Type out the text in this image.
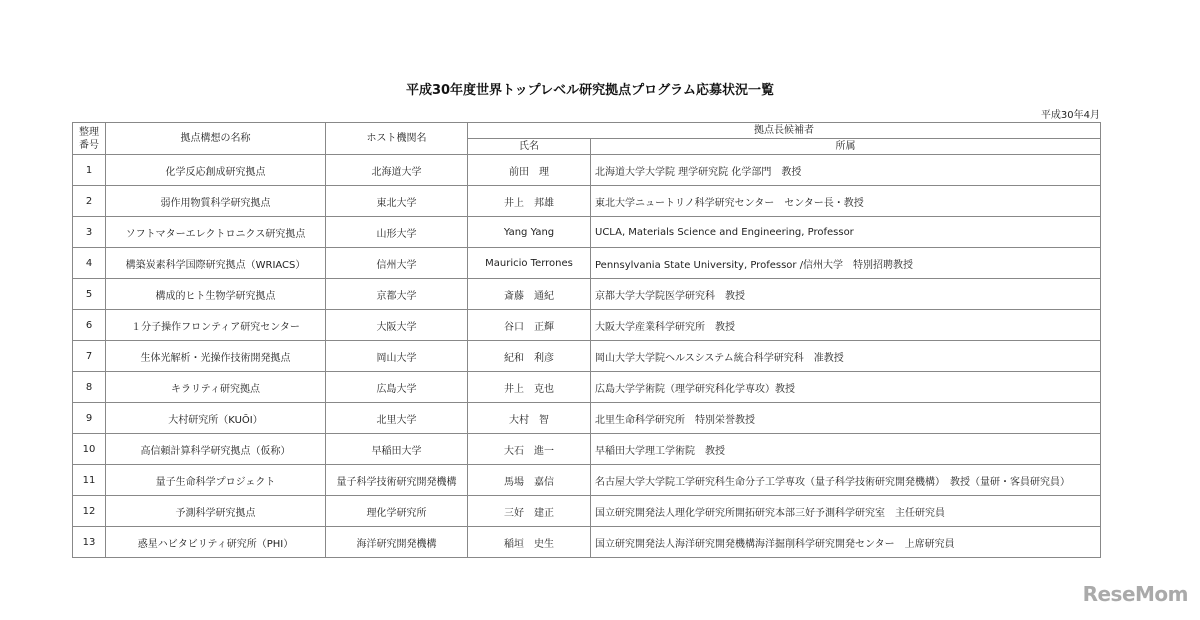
平成30年度世界トップレベル研究拠点プログラム応募状況一覧
平成30年4月
整理
番号	拠点構想の名称	ホスト機関名	拠点長候補者	
			氏名	所属
1	化学反応創成研究拠点	北海道大学	前田　理	北海道大学大学院 理学研究院 化学部門　教授
2	弱作用物質科学研究拠点	東北大学	井上　邦雄	東北大学ニュートリノ科学研究センター　センター長・教授
3	ソフトマターエレクトロニクス研究拠点	山形大学	Yang Yang	UCLA, Materials Science and Engineering, Professor
4	構築炭素科学国際研究拠点（WRIACS）	信州大学	Mauricio Terrones	Pennsylvania State University, Professor /信州大学　特別招聘教授
5	構成的ヒト生物学研究拠点	京都大学	斎藤　通紀	京都大学大学院医学研究科　教授
6	１分子操作フロンティア研究センター	大阪大学	谷口　正輝	大阪大学産業科学研究所　教授
7	生体光解析・光操作技術開発拠点	岡山大学	紀和　利彦	岡山大学大学院ヘルスシステム統合科学研究科　准教授
8	キラリティ研究拠点	広島大学	井上　克也	広島大学学術院（理学研究科化学専攻）教授
9	大村研究所（KUŌI）	北里大学	大村　智	北里生命科学研究所　特別栄誉教授
10	高信頼計算科学研究拠点（仮称）	早稲田大学	大石　進一	早稲田大学理工学術院　教授
11	量子生命科学プロジェクト	量子科学技術研究開発機構	馬場　嘉信	名古屋大学大学院工学研究科生命分子工学専攻（量子科学技術研究開発機構）　教授（量研・客員研究員）
12	予測科学研究拠点	理化学研究所	三好　建正	国立研究開発法人理化学研究所開拓研究本部三好予測科学研究室　主任研究員
13	惑星ハビタビリティ研究所（PHI）	海洋研究開発機構	稲垣　史生	国立研究開発法人海洋研究開発機構海洋掘削科学研究開発センター　上席研究員
ReseMom
